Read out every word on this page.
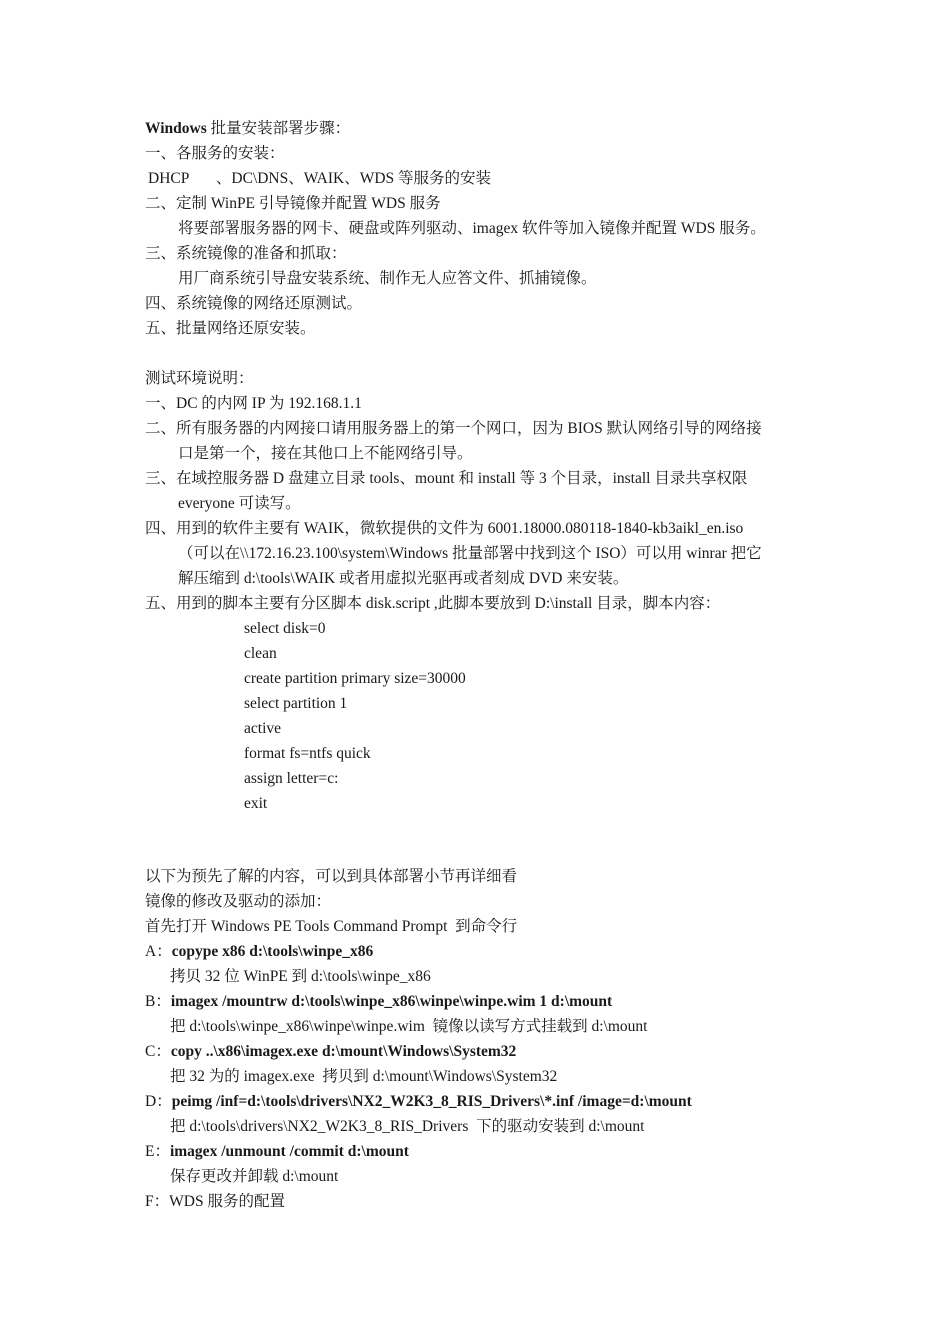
Windows 批量安装部署步骤：
一、各服务的安装：
DHCP       、DC\DNS、WAIK、WDS 等服务的安装
二、定制 WinPE 引导镜像并配置 WDS 服务
将要部署服务器的网卡、硬盘或阵列驱动、imagex 软件等加入镜像并配置 WDS 服务。
三、系统镜像的准备和抓取：
用厂商系统引导盘安装系统、制作无人应答文件、抓捕镜像。
四、系统镜像的网络还原测试。
五、批量网络还原安装。
测试环境说明：
一、DC 的内网 IP 为 192.168.1.1
二、所有服务器的内网接口请用服务器上的第一个网口，因为 BIOS 默认网络引导的网络接
口是第一个，接在其他口上不能网络引导。
三、在域控服务器 D 盘建立目录 tools、mount 和 install 等 3 个目录，install 目录共享权限
everyone 可读写。
四、用到的软件主要有 WAIK，微软提供的文件为 6001.18000.080118-1840-kb3aikl_en.iso
（可以在\\172.16.23.100\system\Windows 批量部署中找到这个 ISO）可以用 winrar 把它
解压缩到 d:\tools\WAIK 或者用虚拟光驱再或者刻成 DVD 来安装。
五、用到的脚本主要有分区脚本 disk.script ,此脚本要放到 D:\install 目录，脚本内容：
select disk=0
clean
create partition primary size=30000
select partition 1
active
format fs=ntfs quick
assign letter=c:
exit
以下为预先了解的内容，可以到具体部署小节再详细看
镜像的修改及驱动的添加：
首先打开 Windows PE Tools Command Prompt  到命令行
A：copype x86 d:\tools\winpe_x86
拷贝 32 位 WinPE 到 d:\tools\winpe_x86
B：imagex /mountrw d:\tools\winpe_x86\winpe\winpe.wim 1 d:\mount
把 d:\tools\winpe_x86\winpe\winpe.wim  镜像以读写方式挂载到 d:\mount
C：copy ..\x86\imagex.exe d:\mount\Windows\System32
把 32 为的 imagex.exe  拷贝到 d:\mount\Windows\System32
D：peimg /inf=d:\tools\drivers\NX2_W2K3_8_RIS_Drivers\*.inf /image=d:\mount
把 d:\tools\drivers\NX2_W2K3_8_RIS_Drivers  下的驱动安装到 d:\mount
E：imagex /unmount /commit d:\mount
保存更改并卸载 d:\mount
F：WDS 服务的配置
